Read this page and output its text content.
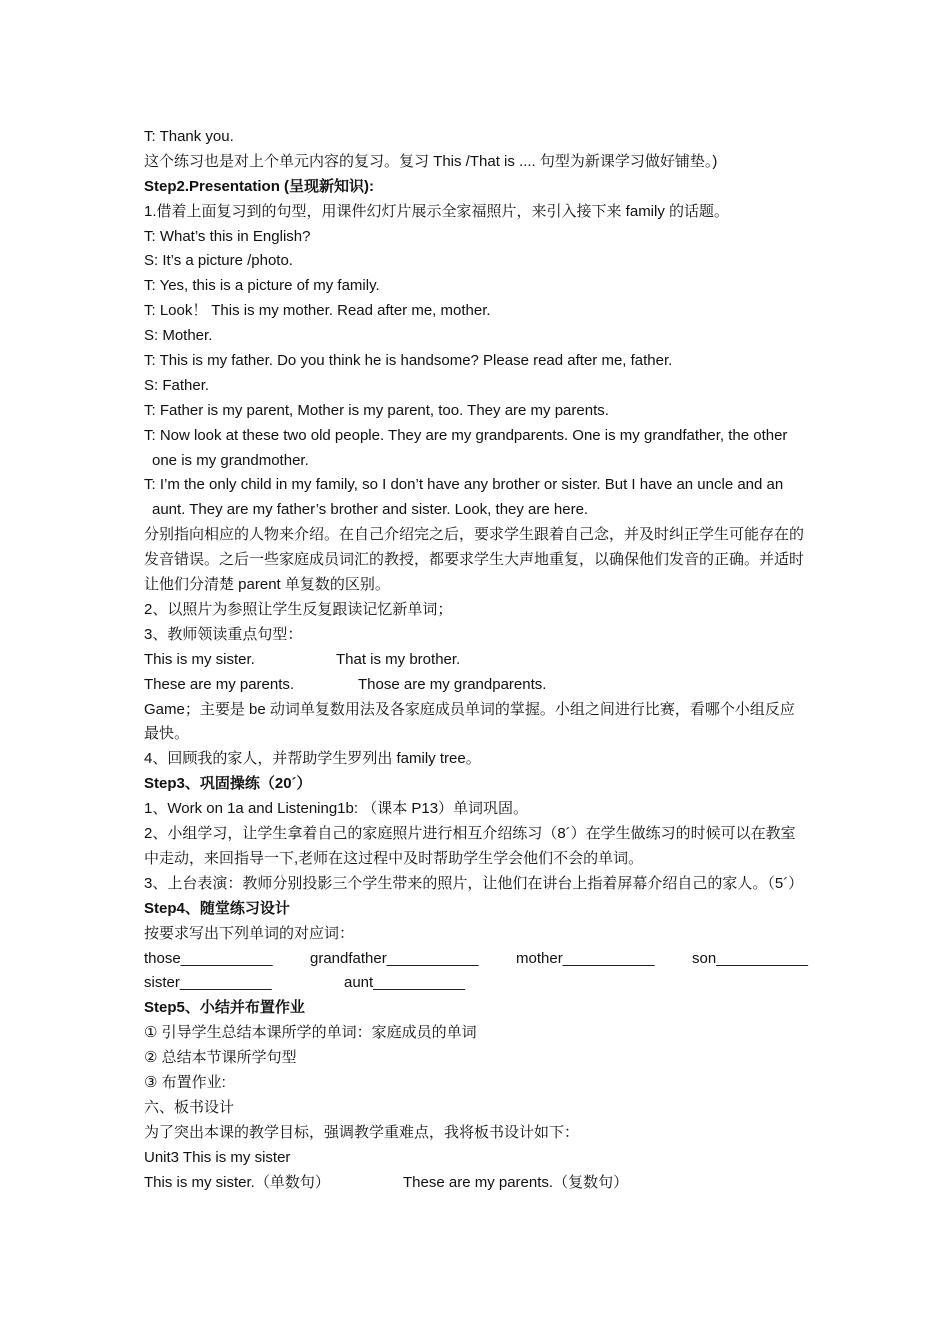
T: Thank you.
这个练习也是对上个单元内容的复习。复习 This /That is .... 句型为新课学习做好铺垫。)
Step2.Presentation (呈现新知识):
1.借着上面复习到的句型，用课件幻灯片展示全家福照片，来引入接下来 family 的话题。
T: What’s this in English?
S: It’s a picture /photo.
T: Yes, this is a picture of my family.
T: Look！ This is my mother. Read after me, mother.
S: Mother.
T: This is my father. Do you think he is handsome? Please read after me, father.
S: Father.
T: Father is my parent, Mother is my parent, too. They are my parents.
T: Now look at these two old people. They are my grandparents. One is my grandfather, the other
one is my grandmother.
T: I’m the only child in my family, so I don’t have any brother or sister. But I have an uncle and an
aunt. They are my father’s brother and sister. Look, they are here.
分别指向相应的人物来介绍。在自己介绍完之后，要求学生跟着自己念，并及时纠正学生可能存在的发音错误。之后一些家庭成员词汇的教授，都要求学生大声地重复，以确保他们发音的正确。并适时让他们分清楚 parent 单复数的区别。
2、以照片为参照让学生反复跟读记忆新单词；
3、教师领读重点句型：
This is my sister.	That is my brother.
These are my parents.	Those are my grandparents.
Game；主要是 be 动词单复数用法及各家庭成员单词的掌握。小组之间进行比赛，看哪个小组反应最快。
4、回顾我的家人，并帮助学生罗列出 family tree。
Step3、巩固操练（20´）
1、Work on 1a and Listening1b: （课本 P13）单词巩固。
2、小组学习，让学生拿着自己的家庭照片进行相互介绍练习（8´）在学生做练习的时候可以在教室中走动，来回指导一下,老师在这过程中及时帮助学生学会他们不会的单词。
3、上台表演：教师分别投影三个学生带来的照片，让他们在讲台上指着屏幕介绍自己的家人。（5´）
Step4、随堂练习设计
按要求写出下列单词的对应词：
those___________	grandfather___________	mother___________	son___________
sister___________	aunt___________
Step5、小结并布置作业
① 引导学生总结本课所学的单词：家庭成员的单词
② 总结本节课所学句型
③ 布置作业:
六、板书设计
为了突出本课的教学目标，强调教学重难点，我将板书设计如下：
Unit3 This is my sister
This is my sister.（单数句）	These are my parents.（复数句）
